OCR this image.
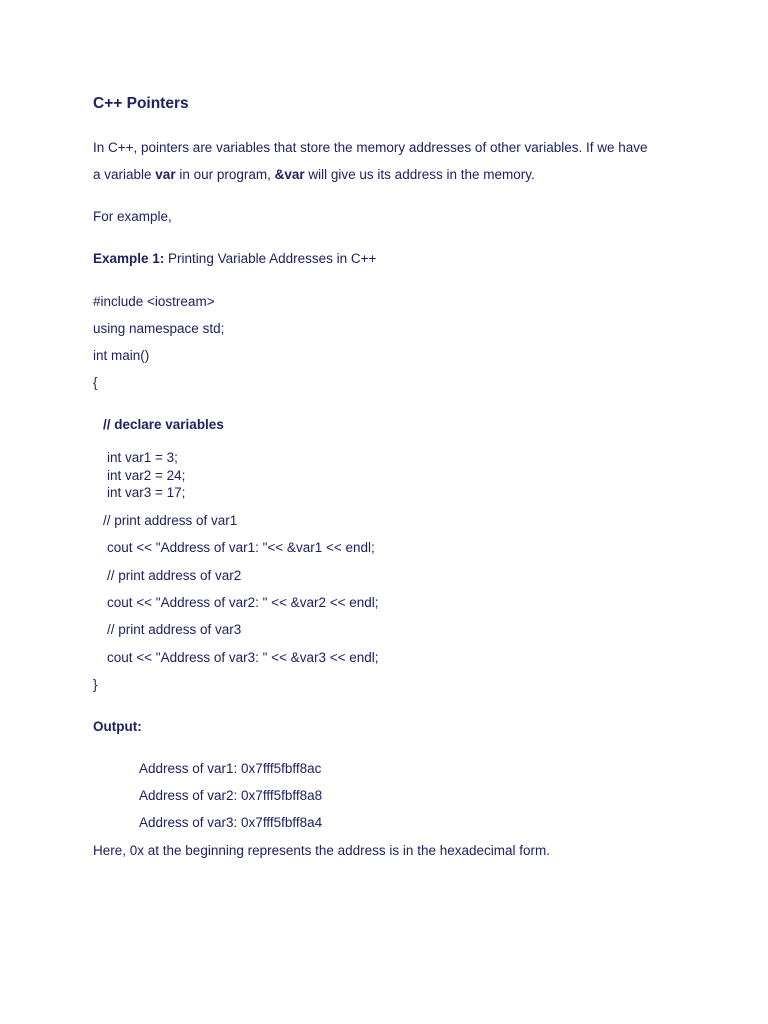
C++ Pointers
In C++, pointers are variables that store the memory addresses of other variables. If we have
a variable var in our program, &var will give us its address in the memory.
For example,
Example 1: Printing Variable Addresses in C++
#include <iostream>
using namespace std;
int main()
{
// declare variables
int var1 = 3;
int var2 = 24;
int var3 = 17;
// print address of var1
cout << "Address of var1: "<< &var1 << endl;
// print address of var2
cout << "Address of var2: " << &var2 << endl;
// print address of var3
cout << "Address of var3: " << &var3 << endl;
}
Output:
Address of var1: 0x7fff5fbff8ac
Address of var2: 0x7fff5fbff8a8
Address of var3: 0x7fff5fbff8a4
Here, 0x at the beginning represents the address is in the hexadecimal form.
